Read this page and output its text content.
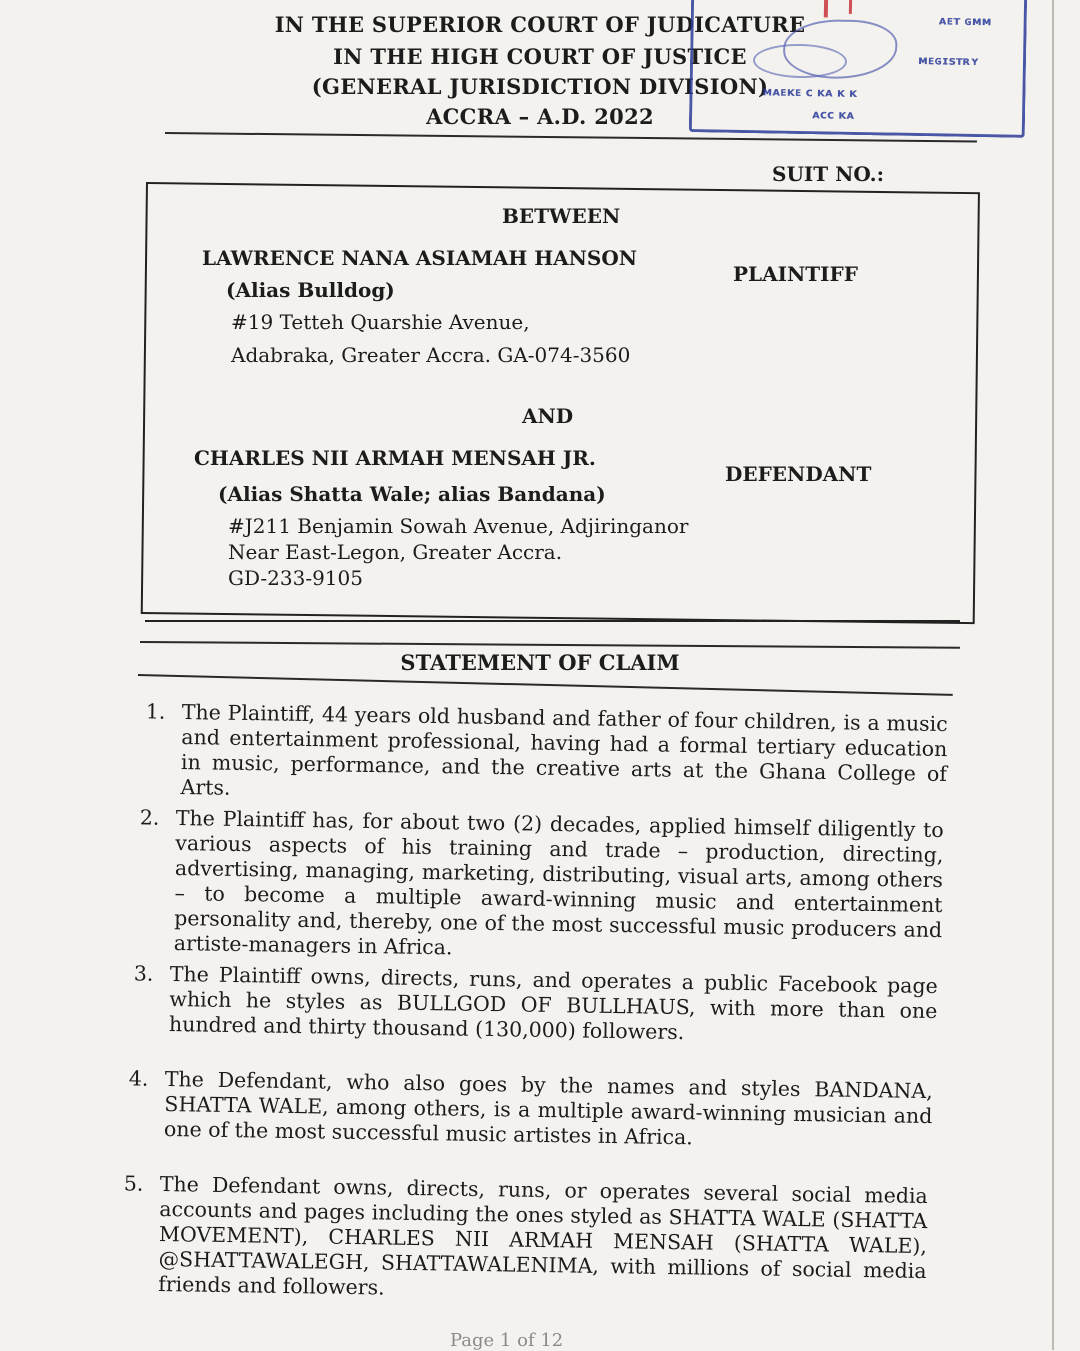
IN THE SUPERIOR COURT OF JUDICATURE
IN THE HIGH COURT OF JUSTICE
(GENERAL JURISDICTION DIVISION)
ACCRA – A.D. 2022
ᴀᴇᴛ ɢᴍᴍ
ᴍᴇɢɪsᴛʀʏ
ᴍᴀᴇᴋᴇ ᴄ ᴋᴀ ᴋ ᴋ
ᴀᴄᴄ ᴋᴀ
SUIT NO.:
BETWEEN
LAWRENCE NANA ASIAMAH HANSON
PLAINTIFF
(Alias Bulldog)
#19 Tetteh Quarshie Avenue,
Adabraka, Greater Accra. GA-074-3560
AND
CHARLES NII ARMAH MENSAH JR.
DEFENDANT
(Alias Shatta Wale; alias Bandana)
#J211 Benjamin Sowah Avenue, Adjiringanor
Near East-Legon, Greater Accra.
GD-233-9105
STATEMENT OF CLAIM
1. The Plaintiff, 44 years old husband and father of four children, is a music and entertainment professional, having had a formal tertiary education in music, performance, and the creative arts at the Ghana College of Arts.
2. The Plaintiff has, for about two (2) decades, applied himself diligently to various aspects of his training and trade – production, directing, advertising, managing, marketing, distributing, visual arts, among others – to become a multiple award-winning music and entertainment personality and, thereby, one of the most successful music producers and artiste-managers in Africa.
3. The Plaintiff owns, directs, runs, and operates a public Facebook page which he styles as BULLGOD OF BULLHAUS, with more than one hundred and thirty thousand (130,000) followers.
4. The Defendant, who also goes by the names and styles BANDANA, SHATTA WALE, among others, is a multiple award-winning musician and one of the most successful music artistes in Africa.
5. The Defendant owns, directs, runs, or operates several social media accounts and pages including the ones styled as SHATTA WALE (SHATTA MOVEMENT), CHARLES NII ARMAH MENSAH (SHATTA WALE), @SHATTAWALEGH, SHATTAWALENIMA, with millions of social media friends and followers.
Page 1 of 12
